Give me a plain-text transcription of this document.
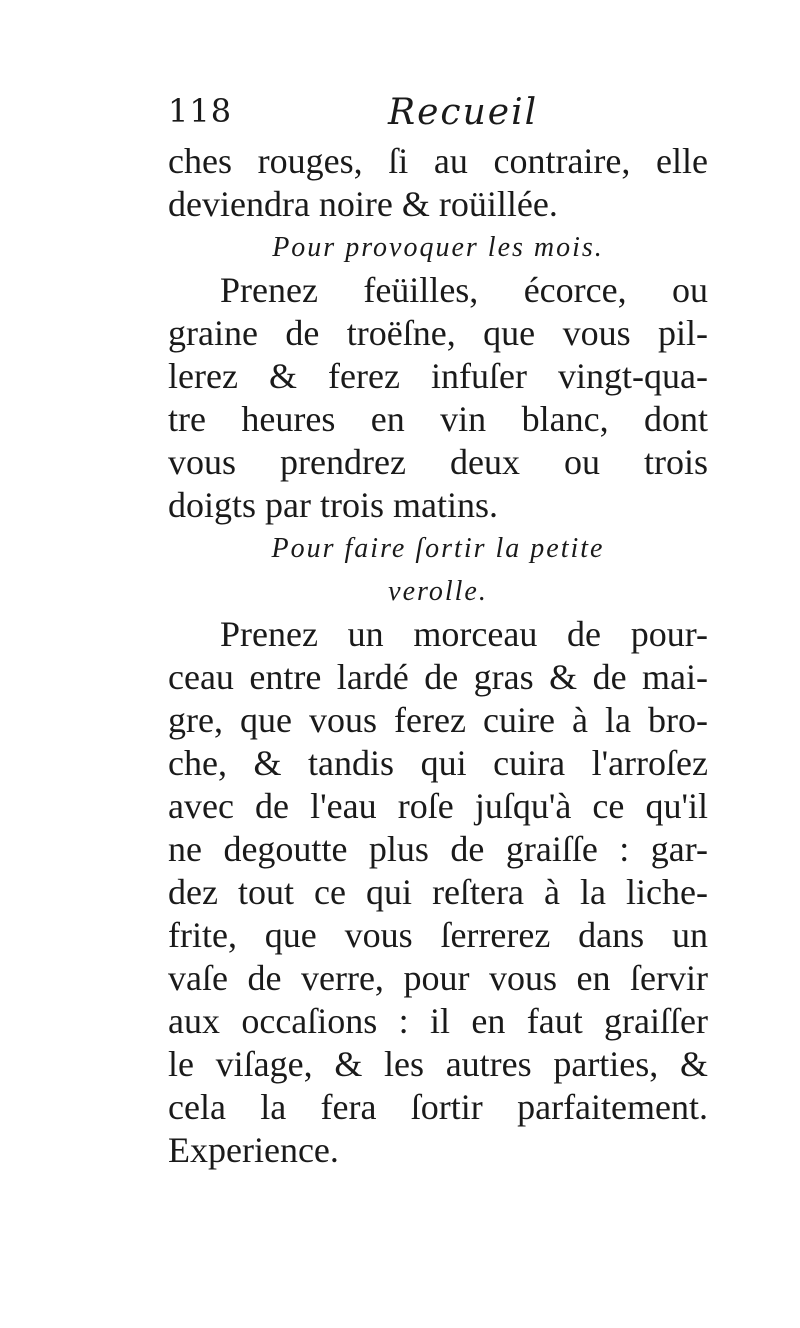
118	Recueil
ches rouges, ſi au contraire, elle
deviendra noire & roüillée.
Pour provoquer les mois.
Prenez feüilles, écorce, ou
graine de troëſne, que vous pil-
lerez & ferez infuſer vingt-qua-
tre heures en vin blanc, dont
vous prendrez deux ou trois
doigts par trois matins.
Pour faire ſortir la petite
verolle.
Prenez un morceau de pour-
ceau entre lardé de gras & de mai-
gre, que vous ferez cuire à la bro-
che, & tandis qui cuira l'arroſez
avec de l'eau roſe juſqu'à ce qu'il
ne degoutte plus de graiſſe : gar-
dez tout ce qui reſtera à la liche-
frite, que vous ſerrerez dans un
vaſe de verre, pour vous en ſervir
aux occaſions : il en faut graiſſer
le viſage, & les autres parties, &
cela la fera ſortir parfaitement.
Experience.
